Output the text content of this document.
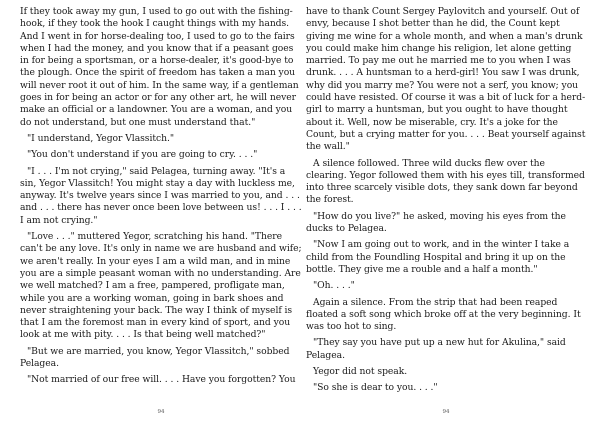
If they took away my gun, I used to go out with the fishing-hook, if they took the hook I caught things with my hands. And I went in for horse-dealing too, I used to go to the fairs when I had the money, and you know that if a peasant goes in for being a sportsman, or a horse-dealer, it's good-bye to the plough. Once the spirit of freedom has taken a man you will never root it out of him. In the same way, if a gentleman goes in for being an actor or for any other art, he will never make an official or a landowner. You are a woman, and you do not understand, but one must understand that."

"I understand, Yegor Vlassitch."

"You don't understand if you are going to cry. . . ."

"I . . . I'm not crying," said Pelagea, turning away. "It's a sin, Yegor Vlassitch! You might stay a day with luckless me, anyway. It's twelve years since I was married to you, and . . . and . . . there has never once been love between us! . . . I . . . I am not crying."

"Love . . ." muttered Yegor, scratching his hand. "There can't be any love. It's only in name we are husband and wife; we aren't really. In your eyes I am a wild man, and in mine you are a simple peasant woman with no understanding. Are we well matched? I am a free, pampered, profligate man, while you are a working woman, going in bark shoes and never straightening your back. The way I think of myself is that I am the foremost man in every kind of sport, and you look at me with pity. . . . Is that being well matched?"

"But we are married, you know, Yegor Vlassitch," sobbed Pelagea.

"Not married of our free will. . . . Have you forgotten? You

94

have to thank Count Sergey Paylovitch and yourself. Out of envy, because I shot better than he did, the Count kept giving me wine for a whole month, and when a man's drunk you could make him change his religion, let alone getting married. To pay me out he married me to you when I was drunk. . . . A huntsman to a herd-girl! You saw I was drunk, why did you marry me? You were not a serf, you know; you could have resisted. Of course it was a bit of luck for a herd-girl to marry a huntsman, but you ought to have thought about it. Well, now be miserable, cry. It's a joke for the Count, but a crying matter for you. . . . Beat yourself against the wall."

A silence followed. Three wild ducks flew over the clearing. Yegor followed them with his eyes till, transformed into three scarcely visible dots, they sank down far beyond the forest.

"How do you live?" he asked, moving his eyes from the ducks to Pelagea.

"Now I am going out to work, and in the winter I take a child from the Foundling Hospital and bring it up on the bottle. They give me a rouble and a half a month."

"Oh. . . ."

Again a silence. From the strip that had been reaped floated a soft song which broke off at the very beginning. It was too hot to sing.

"They say you have put up a new hut for Akulina," said Pelagea.

Yegor did not speak.

"So she is dear to you. . . ."

94
